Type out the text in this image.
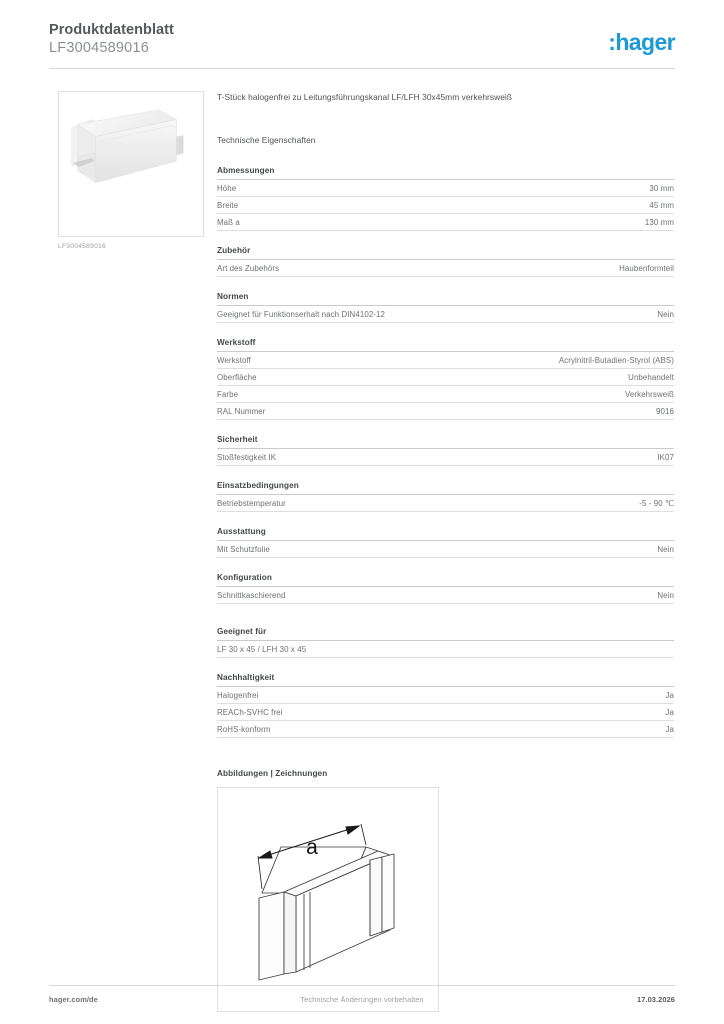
Produktdatenblatt
LF3004589016	:hager
LF3004589016
T-Stück halogenfrei zu Leitungsführungskanal LF/LFH 30x45mm verkehrsweiß
Technische Eigenschaften
Abmessungen
Höhe	30 mm
Breite	45 mm
Maß a	130 mm
Zubehör
Art des Zubehörs	Haubenformteil
Normen
Geeignet für Funktionserhalt nach DIN4102-12	Nein
Werkstoff
Werkstoff	Acrylnitril-Butadien-Styrol (ABS)
Oberfläche	Unbehandelt
Farbe	Verkehrsweiß
RAL Nummer	9016
Sicherheit
Stoßfestigkeit IK	IK07
Einsatzbedingungen
Betriebstemperatur	-5 - 90 ℃
Ausstattung
Mit Schutzfolie	Nein
Konfiguration
Schnittkaschierend	Nein
Geeignet für
LF 30 x 45 / LFH 30 x 45
Nachhaltigkeit
Halogenfrei	Ja
REACh-SVHC frei	Ja
RoHS-konform	Ja
Abbildungen | Zeichnungen
a
hager.com/de	Technische Änderungen vorbehalten	17.03.2026
